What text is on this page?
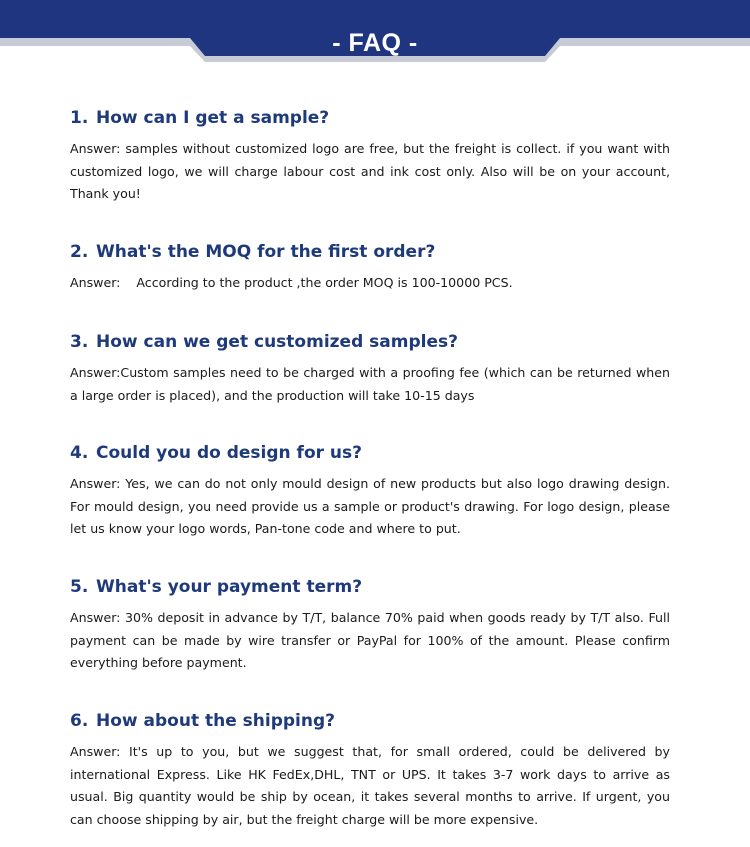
- FAQ -
1. How can I get a sample?

Answer: samples without customized logo are free, but the freight is collect. if you want with customized logo, we will charge labour cost and ink cost only. Also will be on your account, Thank you!

2. What's the MOQ for the first order?

Answer:    According to the product ,the order MOQ is 100-10000 PCS.

3. How can we get customized samples?

Answer:Custom samples need to be charged with a proofing fee (which can be returned when a large order is placed), and the production will take 10-15 days

4. Could you do design for us?

Answer: Yes, we can do not only mould design of new products but also logo drawing design. For mould design, you need provide us a sample or product's drawing. For logo design, please let us know your logo words, Pan-tone code and where to put.

5. What's your payment term?

Answer: 30% deposit in advance by T/T, balance 70% paid when goods ready by T/T also. Full payment can be made by wire transfer or PayPal for 100% of the amount. Please confirm everything before payment.

6. How about the shipping?

Answer: It's up to you, but we suggest that, for small ordered, could be delivered by international Express. Like HK FedEx,DHL, TNT or UPS. It takes 3-7 work days to arrive as usual. Big quantity would be ship by ocean, it takes several months to arrive. If urgent, you can choose shipping by air, but the freight charge will be more expensive.
